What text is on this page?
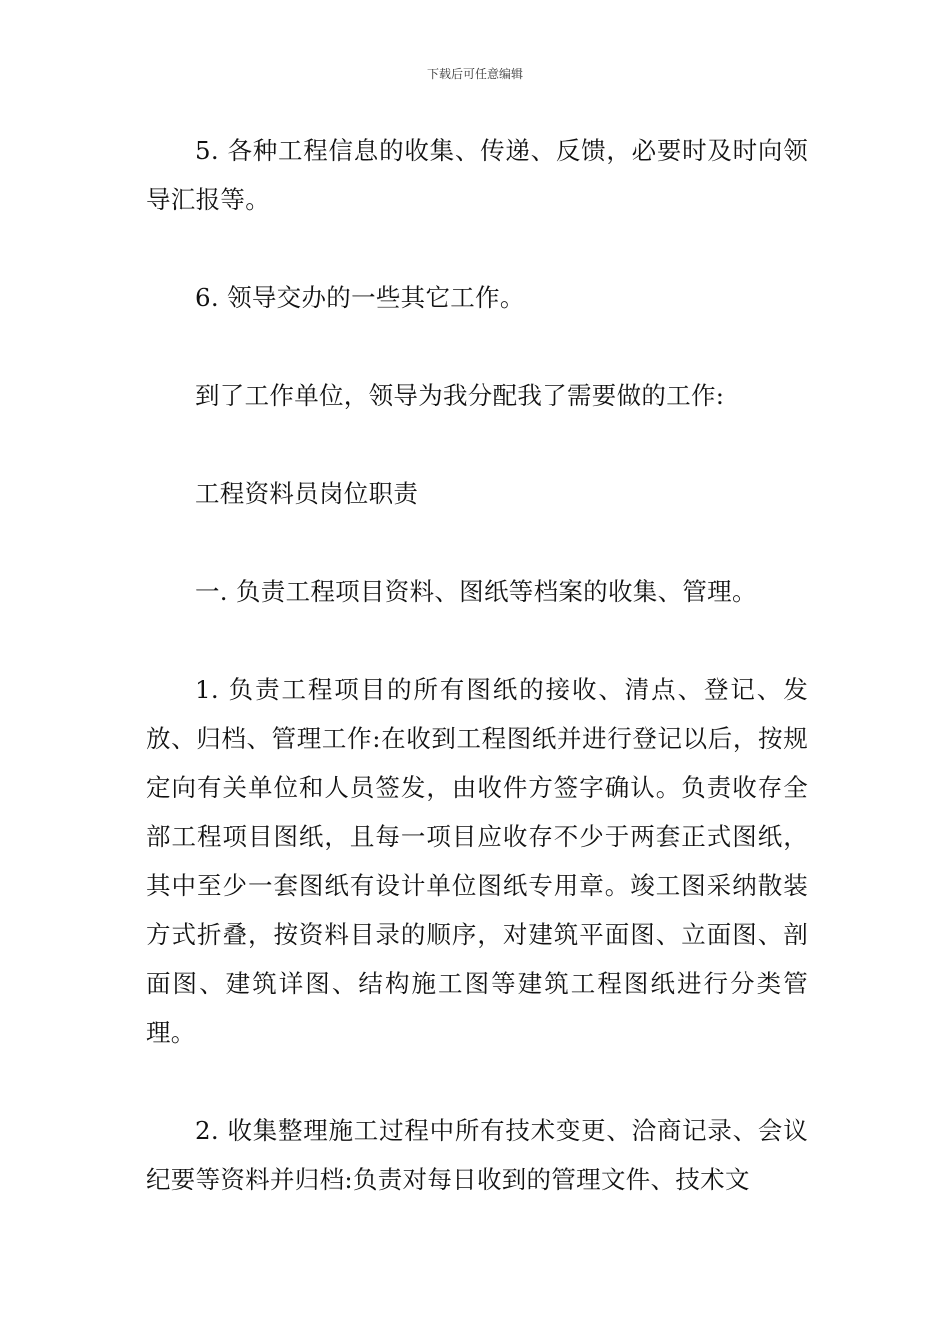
下载后可任意编辑

5. 各种工程信息的收集、传递、反馈，必要时及时向领导汇报等。

6. 领导交办的一些其它工作。

到了工作单位，领导为我分配我了需要做的工作:

工程资料员岗位职责

一. 负责工程项目资料、图纸等档案的收集、管理。

1. 负责工程项目的所有图纸的接收、清点、登记、发放、归档、管理工作:在收到工程图纸并进行登记以后，按规定向有关单位和人员签发，由收件方签字确认。负责收存全部工程项目图纸，且每一项目应收存不少于两套正式图纸，其中至少一套图纸有设计单位图纸专用章。竣工图采纳散装方式折叠，按资料目录的顺序，对建筑平面图、立面图、剖面图、建筑详图、结构施工图等建筑工程图纸进行分类管理。

2. 收集整理施工过程中所有技术变更、洽商记录、会议纪要等资料并归档:负责对每日收到的管理文件、技术文
